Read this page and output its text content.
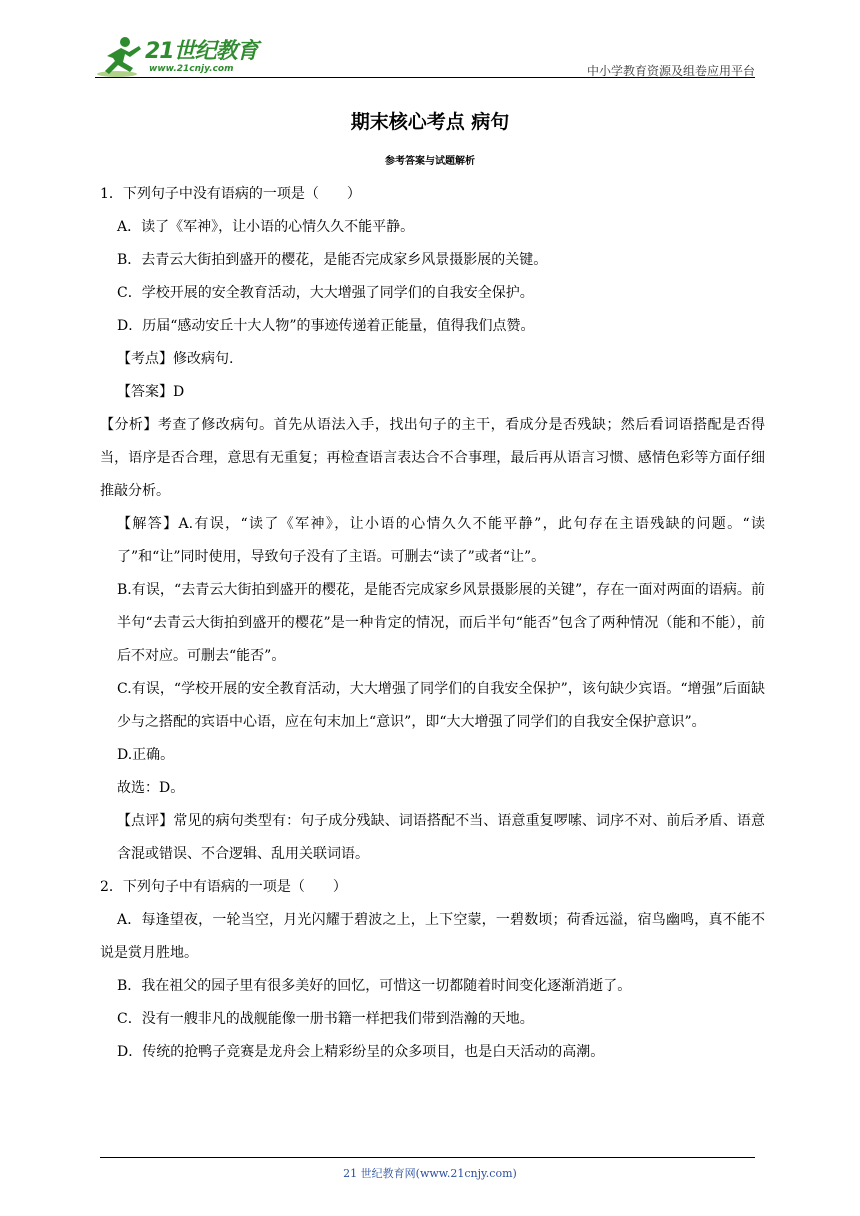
21世纪教育
www.21cnjy.com	中小学教育资源及组卷应用平台
期末核心考点 病句
参考答案与试题解析

1．下列句子中没有语病的一项是（　　）

A．读了《军神》，让小语的心情久久不能平静。

B．去青云大街拍到盛开的樱花，是能否完成家乡风景摄影展的关键。

C．学校开展的安全教育活动，大大增强了同学们的自我安全保护。

D．历届“感动安丘十大人物”的事迹传递着正能量，值得我们点赞。

【考点】修改病句.

【答案】D

【分析】考查了修改病句。首先从语法入手，找出句子的主干，看成分是否残缺；然后看词语搭配是否得当，语序是否合理，意思有无重复；再检查语言表达合不合事理，最后再从语言习惯、感情色彩等方面仔细推敲分析。

【解答】A.有误，“读了《军神》，让小语的心情久久不能平静”，此句存在主语残缺的问题。“读了”和“让”同时使用，导致句子没有了主语。可删去“读了”或者“让”。

B.有误，“去青云大街拍到盛开的樱花，是能否完成家乡风景摄影展的关键”，存在一面对两面的语病。前半句“去青云大街拍到盛开的樱花”是一种肯定的情况，而后半句“能否”包含了两种情况（能和不能），前后不对应。可删去“能否”。

C.有误，“学校开展的安全教育活动，大大增强了同学们的自我安全保护”，该句缺少宾语。“增强”后面缺少与之搭配的宾语中心语，应在句末加上“意识”，即“大大增强了同学们的自我安全保护意识”。

D.正确。

故选：D。

【点评】常见的病句类型有：句子成分残缺、词语搭配不当、语意重复啰嗦、词序不对、前后矛盾、语意含混或错误、不合逻辑、乱用关联词语。

2．下列句子中有语病的一项是（　　）

A．每逢望夜，一轮当空，月光闪耀于碧波之上，上下空蒙，一碧数顷；荷香远溢，宿鸟幽鸣，真不能不说是赏月胜地。

B．我在祖父的园子里有很多美好的回忆，可惜这一切都随着时间变化逐渐消逝了。

C．没有一艘非凡的战舰能像一册书籍一样把我们带到浩瀚的天地。

D．传统的抢鸭子竞赛是龙舟会上精彩纷呈的众多项目，也是白天活动的高潮。

21 世纪教育网(www.21cnjy.com)
